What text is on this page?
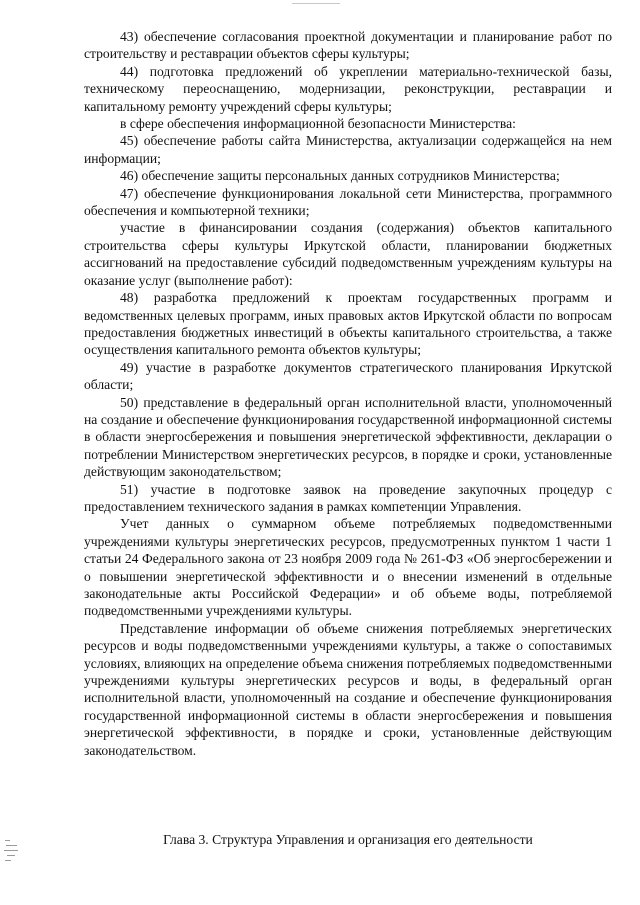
43) обеспечение согласования проектной документации и планирование работ по строительству и реставрации объектов сферы культуры;

44) подготовка предложений об укреплении материально-технической базы, техническому переоснащению, модернизации, реконструкции, реставрации и капитальному ремонту учреждений сферы культуры;

в сфере обеспечения информационной безопасности Министерства:

45) обеспечение работы сайта Министерства, актуализации содержащейся на нем информации;

46) обеспечение защиты персональных данных сотрудников Министерства;

47) обеспечение функционирования локальной сети Министерства, программного обеспечения и компьютерной техники;

участие в финансировании создания (содержания) объектов капитального строительства сферы культуры Иркутской области, планировании бюджетных ассигнований на предоставление субсидий подведомственным учреждениям культуры на оказание услуг (выполнение работ):

48) разработка предложений к проектам государственных программ и ведомственных целевых программ, иных правовых актов Иркутской области по вопросам предоставления бюджетных инвестиций в объекты капитального строительства, а также осуществления капитального ремонта объектов культуры;

49) участие в разработке документов стратегического планирования Иркутской области;

50) представление в федеральный орган исполнительной власти, уполномоченный на создание и обеспечение функционирования государственной информационной системы в области энергосбережения и повышения энергетической эффективности, декларации о потреблении Министерством энергетических ресурсов, в порядке и сроки, установленные действующим законодательством;

51) участие в подготовке заявок на проведение закупочных процедур с предоставлением технического задания в рамках компетенции Управления.

Учет данных о суммарном объеме потребляемых подведомственными учреждениями культуры энергетических ресурсов, предусмотренных пунктом 1 части 1 статьи 24 Федерального закона от 23 ноября 2009 года № 261-ФЗ «Об энергосбережении и о повышении энергетической эффективности и о внесении изменений в отдельные законодательные акты Российской Федерации» и об объеме воды, потребляемой подведомственными учреждениями культуры.

Представление информации об объеме снижения потребляемых энергетических ресурсов и воды подведомственными учреждениями культуры, а также о сопоставимых условиях, влияющих на определение объема снижения потребляемых подведомственными учреждениями культуры энергетических ресурсов и воды, в федеральный орган исполнительной власти, уполномоченный на создание и обеспечение функционирования государственной информационной системы в области энергосбережения и повышения энергетической эффективности, в порядке и сроки, установленные действующим законодательством.

Глава 3. Структура Управления и организация его деятельности
